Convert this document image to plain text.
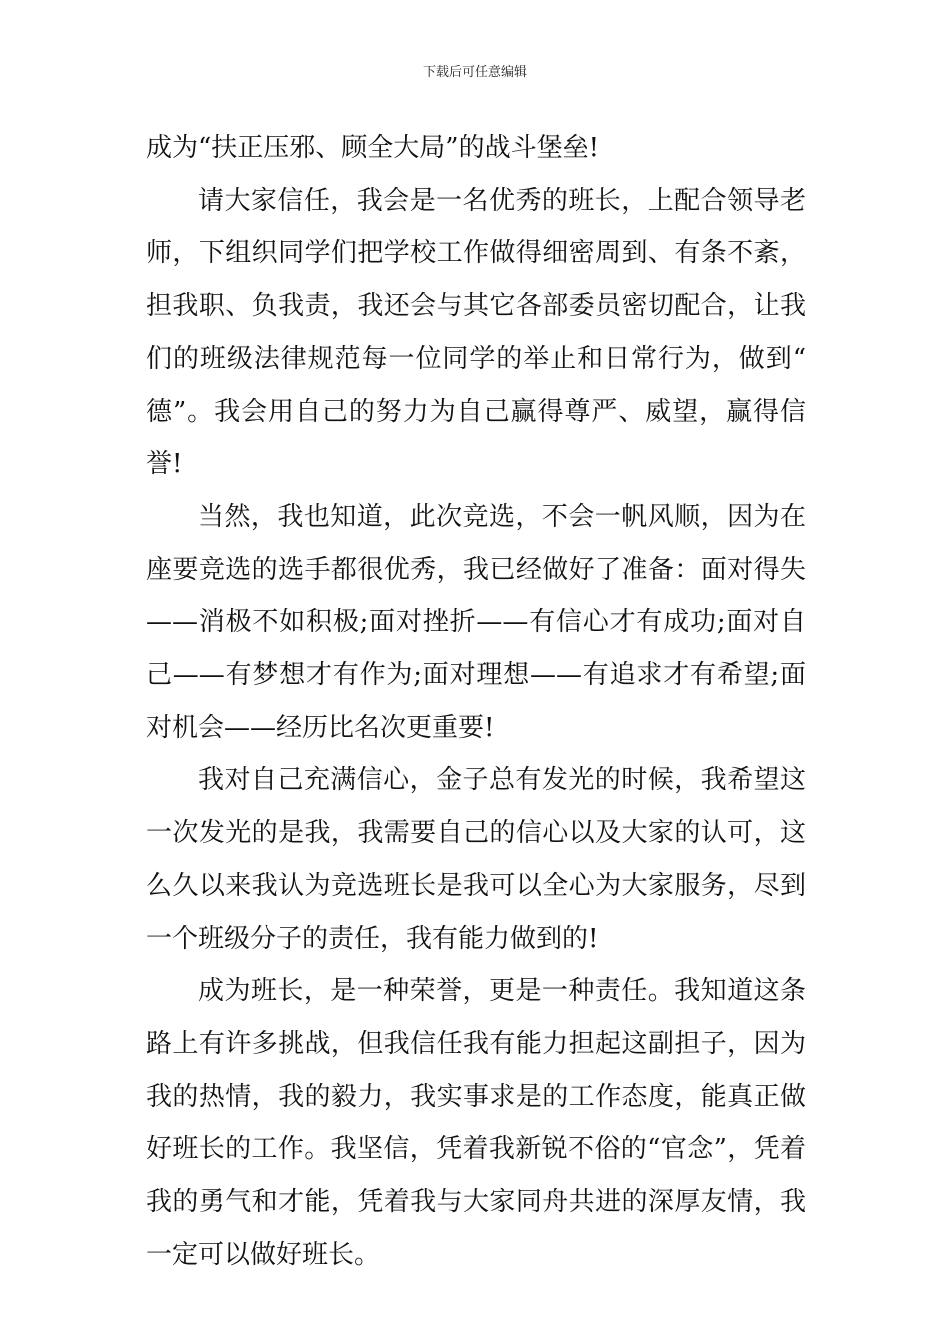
下载后可任意编辑

成为“扶正压邪、顾全大局”的战斗堡垒!

请大家信任，我会是一名优秀的班长，上配合领导老师，下组织同学们把学校工作做得细密周到、有条不紊，担我职、负我责，我还会与其它各部委员密切配合，让我们的班级法律规范每一位同学的举止和日常行为，做到“德”。我会用自己的努力为自己赢得尊严、威望，赢得信誉!

当然，我也知道，此次竞选，不会一帆风顺，因为在座要竞选的选手都很优秀，我已经做好了准备：面对得失——消极不如积极;面对挫折——有信心才有成功;面对自己——有梦想才有作为;面对理想——有追求才有希望;面对机会——经历比名次更重要!

我对自己充满信心，金子总有发光的时候，我希望这一次发光的是我，我需要自己的信心以及大家的认可，这么久以来我认为竞选班长是我可以全心为大家服务，尽到一个班级分子的责任，我有能力做到的!

成为班长，是一种荣誉，更是一种责任。我知道这条路上有许多挑战，但我信任我有能力担起这副担子，因为我的热情，我的毅力，我实事求是的工作态度，能真正做好班长的工作。我坚信，凭着我新锐不俗的“官念”，凭着我的勇气和才能，凭着我与大家同舟共进的深厚友情，我一定可以做好班长。
